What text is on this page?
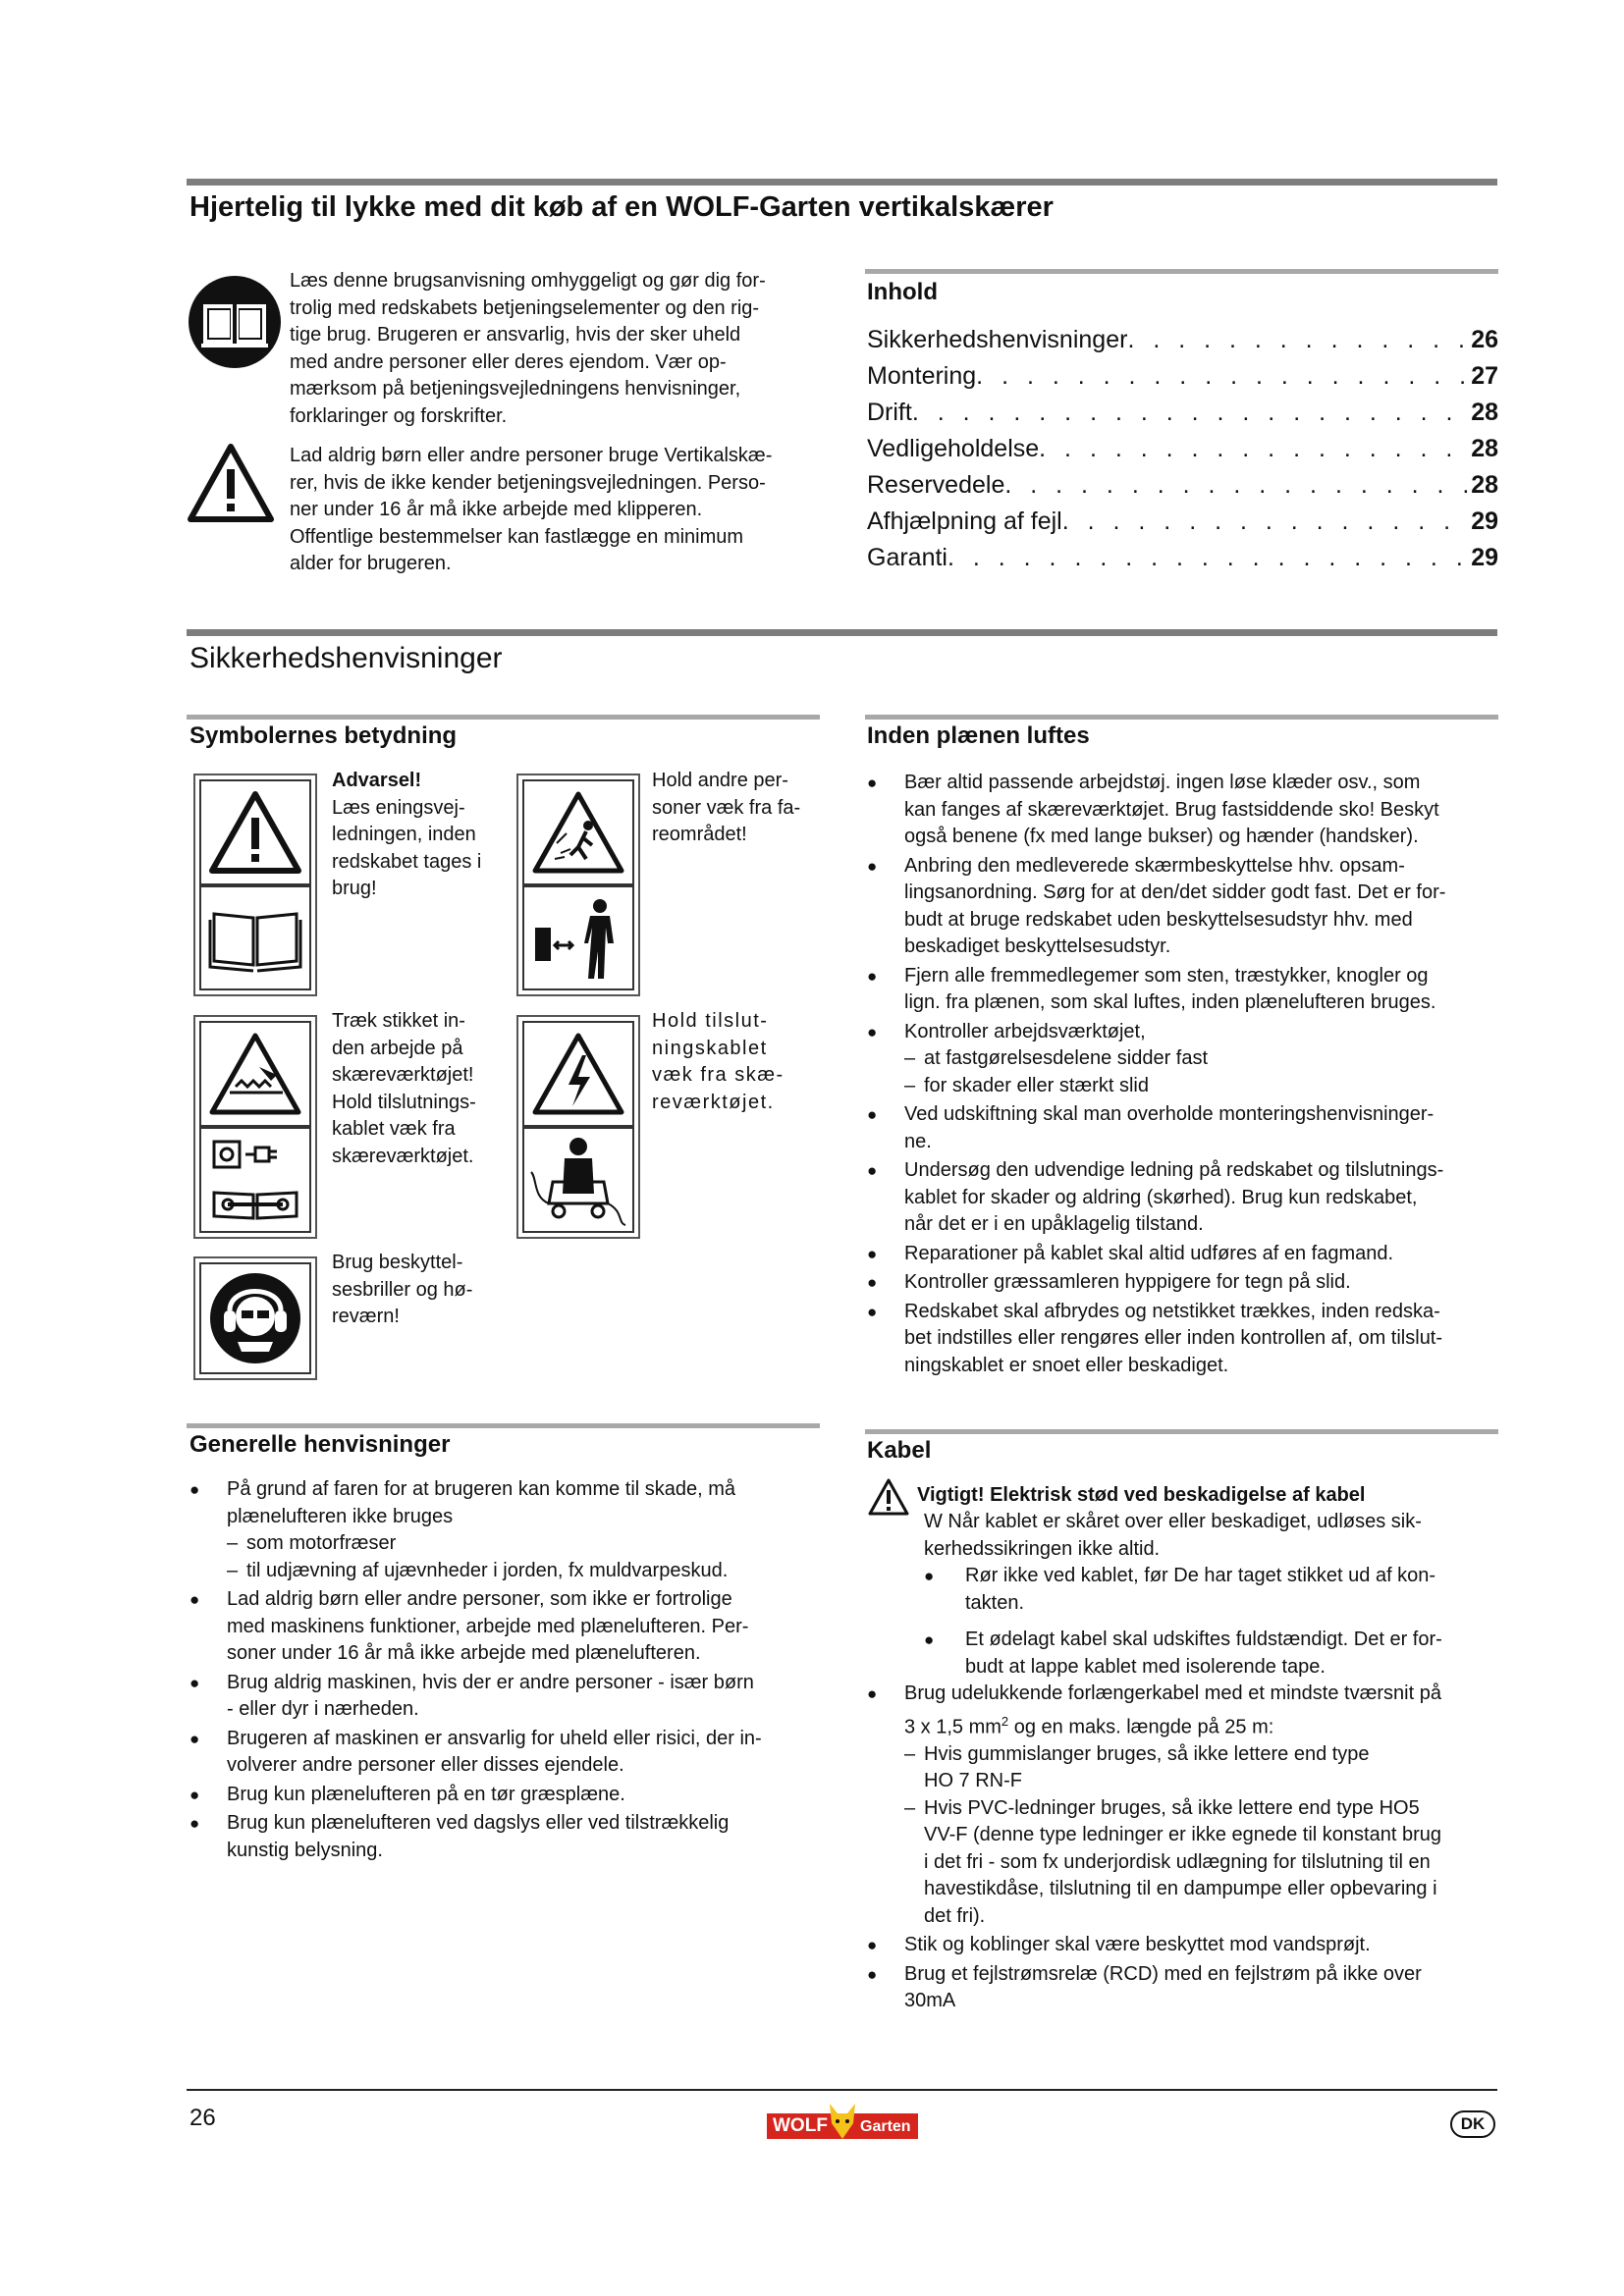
Hjertelig til lykke med dit køb af en WOLF-Garten vertikalskærer
Læs denne brugsanvisning omhyggeligt og gør dig for-
trolig med redskabets betjeningselementer og den rig-
tige brug. Brugeren er ansvarlig, hvis der sker uheld
med andre personer eller deres ejendom. Vær op-
mærksom på betjeningsvejledningens henvisninger,
forklaringer og forskrifter.
Lad aldrig børn eller andre personer bruge Vertikalskæ-
rer, hvis de ikke kender betjeningsvejledningen. Perso-
ner under 16 år må ikke arbejde med klipperen.
Offentlige bestemmelser kan fastlægge en minimum
alder for brugeren.
Inhold
Sikkerhedshenvisninger . . .	26
Montering . . .	27
Drift . . .	28
Vedligeholdelse . . .	28
Reservedele . . .	28
Afhjælpning af fejl . . .	29
Garanti . . .	29
Sikkerhedshenvisninger
Symbolernes betydning
Advarsel!
Læs eningsvej-
ledningen, inden
redskabet tages i
brug!
Hold andre per-
soner væk fra fa-
reområdet!
Træk stikket in-
den arbejde på
skæreværktøjet!
Hold tilslutnings-
kablet væk fra
skæreværktøjet.
Hold tilslut-
ningskablet
væk fra skæ-
reværktøjet.
Brug beskyttel-
sesbriller og hø-
reværn!
Generelle henvisninger
● På grund af faren for at brugeren kan komme til skade, må
plænelufteren ikke bruges
– som motorfræser
– til udjævning af ujævnheder i jorden, fx muldvarpeskud.
● Lad aldrig børn eller andre personer, som ikke er fortrolige
med maskinens funktioner, arbejde med plænelufteren. Per-
soner under 16 år må ikke arbejde med plænelufteren.
● Brug aldrig maskinen, hvis der er andre personer - især børn
- eller dyr i nærheden.
● Brugeren af maskinen er ansvarlig for uheld eller risici, der in-
volverer andre personer eller disses ejendele.
● Brug kun plænelufteren på en tør græsplæne.
● Brug kun plænelufteren ved dagslys eller ved tilstrækkelig
kunstig belysning.
Inden plænen luftes
● Bær altid passende arbejdstøj. ingen løse klæder osv., som
kan fanges af skæreværktøjet. Brug fastsiddende sko! Beskyt
også benene (fx med lange bukser) og hænder (handsker).
● Anbring den medleverede skærmbeskyttelse hhv. opsam-
lingsanordning. Sørg for at den/det sidder godt fast. Det er for-
budt at bruge redskabet uden beskyttelsesudstyr hhv. med
beskadiget beskyttelsesudstyr.
● Fjern alle fremmedlegemer som sten, træstykker, knogler og
lign. fra plænen, som skal luftes, inden plænelufteren bruges.
● Kontroller arbejdsværktøjet,
– at fastgørelsesdelene sidder fast
– for skader eller stærkt slid
● Ved udskiftning skal man overholde monteringshenvisninger-
ne.
● Undersøg den udvendige ledning på redskabet og tilslutnings-
kablet for skader og aldring (skørhed). Brug kun redskabet,
når det er i en upåklagelig tilstand.
● Reparationer på kablet skal altid udføres af en fagmand.
● Kontroller græssamleren hyppigere for tegn på slid.
● Redskabet skal afbrydes og netstikket trækkes, inden redska-
bet indstilles eller rengøres eller inden kontrollen af, om tilslut-
ningskablet er snoet eller beskadiget.
Kabel
Vigtigt! Elektrisk stød ved beskadigelse af kabel
W Når kablet er skåret over eller beskadiget, udløses sik-
kerhedssikringen ikke altid.
● Rør ikke ved kablet, før De har taget stikket ud af kon-
takten.
● Et ødelagt kabel skal udskiftes fuldstændigt. Det er for-
budt at lappe kablet med isolerende tape.
● Brug udelukkende forlængerkabel med et mindste tværsnit på
3 x 1,5 $mm^2$ og en maks. længde på 25 m:
– Hvis gummislanger bruges, så ikke lettere end type
HO 7 RN-F
– Hvis PVC-ledninger bruges, så ikke lettere end type HO5
VV-F (denne type ledninger er ikke egnede til konstant brug
i det fri - som fx underjordisk udlægning for tilslutning til en
havestikdåse, tilslutning til en dampumpe eller opbevaring i
det fri).
● Stik og koblinger skal være beskyttet mod vandsprøjt.
● Brug et fejlstrømsrelæ (RCD) med en fejlstrøm på ikke over
30mA
26	WOLF Garten	DK
